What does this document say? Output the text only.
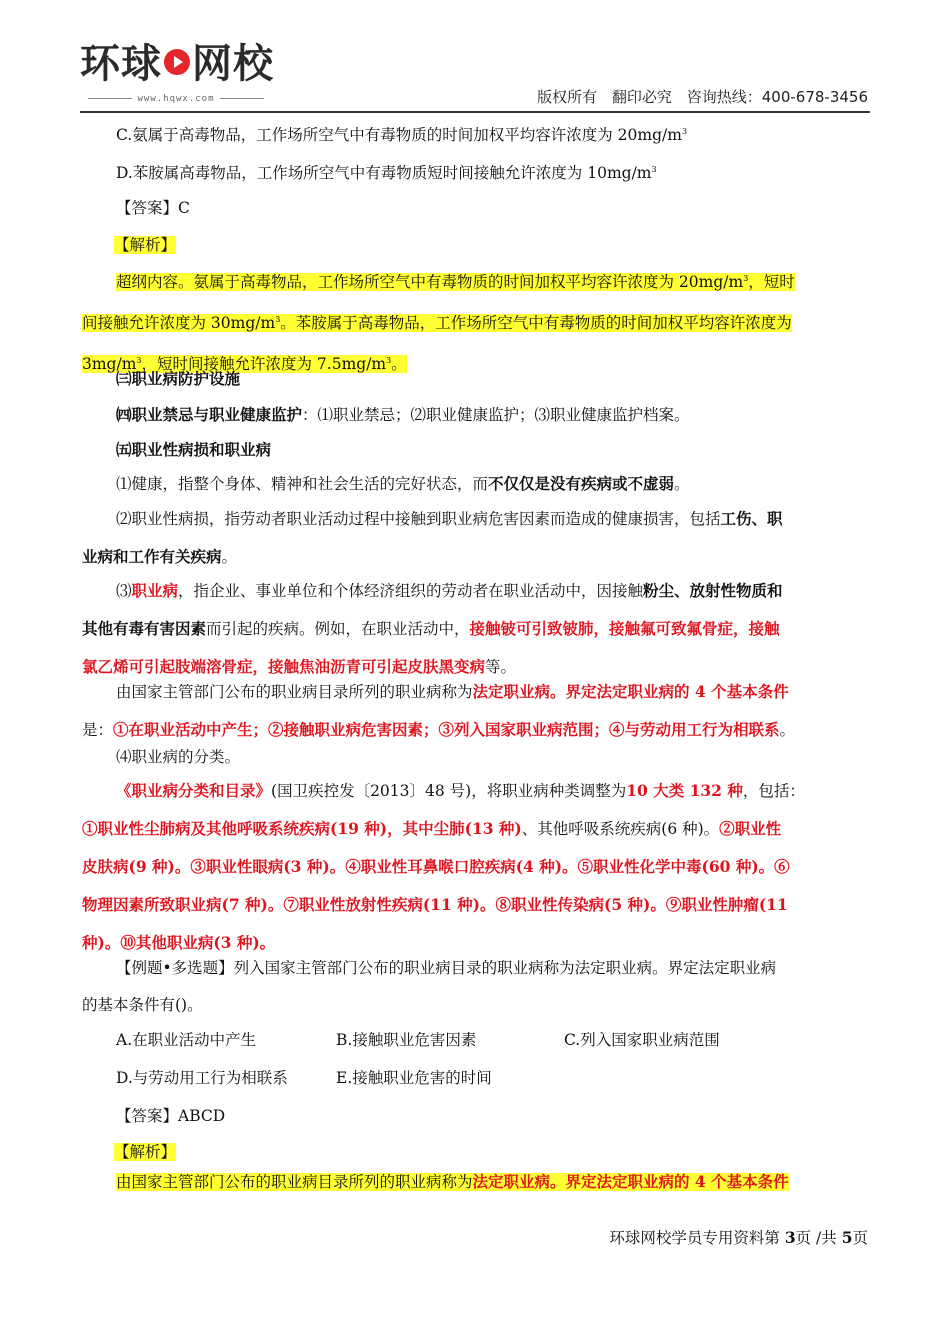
环球 网校
www.hqwx.com	版权所有 翻印必究 咨询热线：400-678-3456

C.氨属于高毒物品，工作场所空气中有毒物质的时间加权平均容许浓度为 $20mg/m^3$

D.苯胺属高毒物品，工作场所空气中有毒物质短时间接触允许浓度为 $10mg/m^3$

【答案】C

【解析】

超纲内容。氨属于高毒物品，工作场所空气中有毒物质的时间加权平均容许浓度为 $20mg/m^3$，短时

间接触允许浓度为 $30mg/m^3$。苯胺属于高毒物品，工作场所空气中有毒物质的时间加权平均容许浓度为

$3mg/m^3$，短时间接触允许浓度为 $7.5mg/m^3$。

㈢职业病防护设施

㈣职业禁忌与职业健康监护：⑴职业禁忌；⑵职业健康监护；⑶职业健康监护档案。

㈤职业性病损和职业病

⑴健康，指整个身体、精神和社会生活的完好状态，而不仅仅是没有疾病或不虚弱。

⑵职业性病损，指劳动者职业活动过程中接触到职业病危害因素而造成的健康损害，包括工伤、职

业病和工作有关疾病。

⑶职业病，指企业、事业单位和个体经济组织的劳动者在职业活动中，因接触粉尘、放射性物质和

其他有毒有害因素而引起的疾病。例如，在职业活动中，接触铍可引致铍肺，接触氟可致氟骨症，接触

氯乙烯可引起肢端溶骨症，接触焦油沥青可引起皮肤黑变病等。

由国家主管部门公布的职业病目录所列的职业病称为法定职业病。界定法定职业病的 4 个基本条件

是：①在职业活动中产生；②接触职业病危害因素；③列入国家职业病范围；④与劳动用工行为相联系。

⑷职业病的分类。

《职业病分类和目录》(国卫疾控发〔2013〕48 号)，将职业病种类调整为10 大类 132 种，包括：

①职业性尘肺病及其他呼吸系统疾病(19 种)，其中尘肺(13 种)、其他呼吸系统疾病(6 种)。②职业性

皮肤病(9 种)。③职业性眼病(3 种)。④职业性耳鼻喉口腔疾病(4 种)。⑤职业性化学中毒(60 种)。⑥

物理因素所致职业病(7 种)。⑦职业性放射性疾病(11 种)。⑧职业性传染病(5 种)。⑨职业性肿瘤(11

种)。⑩其他职业病(3 种)。

【例题•多选题】列入国家主管部门公布的职业病目录的职业病称为法定职业病。界定法定职业病

的基本条件有()。

A.在职业活动中产生	B.接触职业危害因素	C.列入国家职业病范围

D.与劳动用工行为相联系	E.接触职业危害的时间

【答案】ABCD

【解析】

由国家主管部门公布的职业病目录所列的职业病称为法定职业病。界定法定职业病的 4 个基本条件

环球网校学员专用资料第 3页 /共 5页
